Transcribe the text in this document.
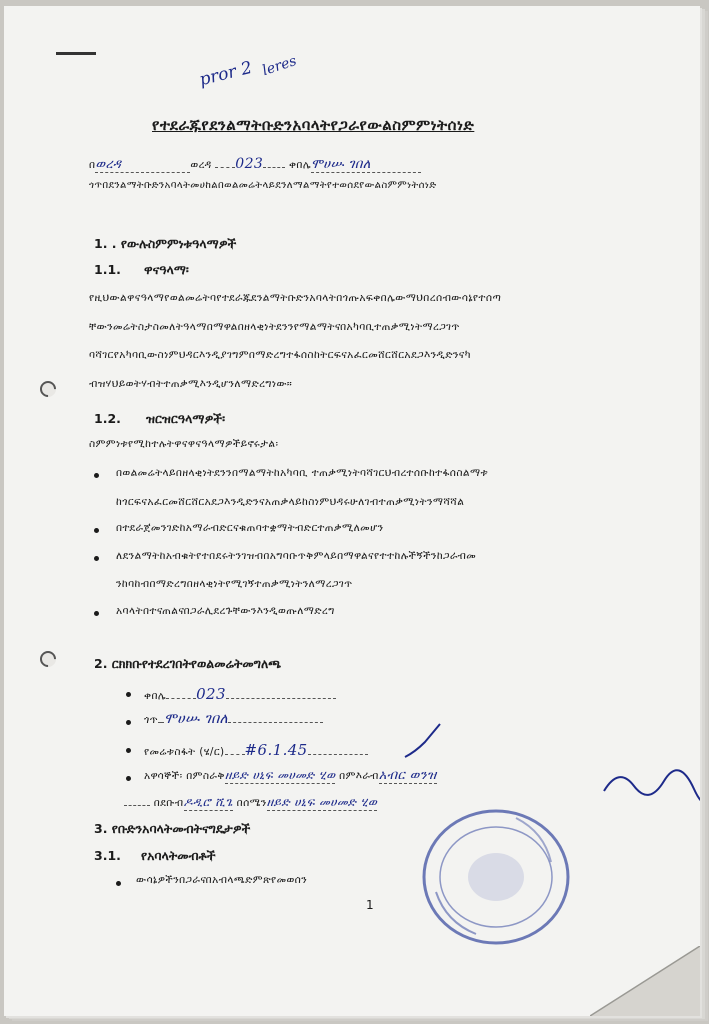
pror 2 leres
የተደራጁየደንልማትቡድንአባላትየጋራየውልስምምነትሰነድ
በወረዳ	ወረዳ 023 ቀበሌሞሀሡ ገበለ
ጎጥበደንልማትቡድንአባላትመሀከልበወልመሬትላይደንለማልማትየተወሰደየውልስምምነትሰነድ
1. . የውሉስምምነቱዓላማዎች
1.1. ዋናዓላማ፡
የዚህውልዋናዓላማየወልመሬትባየተደራጁደንልማትቡድንአባላትበጎጡአፍቀበሌውማህበረሰብውሳኔየተሰጣ
ቸውንመሬትስታስመለትዓላማበማዋልበዘላቂነትደንንየማልማትናበአካባቢተጠቃሚነትማረጋገጥ
ባሻገርየአካባቢውስነምህዳርእንዲያገግምበማድረግተፋሰስከትርፍናአፈርመሸርሸርአደጋእንዲድንናካ
ብዝሃህይወትሃብትተጠቃሚእንዲሆንለማድረግነው።
1.2. ዝርዝርዓላማዎች፡
ስምምነቱየሚከተሉትዋናዋናዓላማዎችይኖሩታል፡
በወልመሬትላይበዘላቂነትደንንበማልማትከአካባቢ ተጠቃሚነትባሻገርህብረተሰቡከተፋሰስልማቱ
ከጎርፍናአፈርመሸርሸርአደጋእንዲድንናአጠቃላይከስነምህዳሩሁለገብተጠቃሚነትንማሻሻል
በተደራጀመንገድከአማራብድርናቁጠባተቋማትብድርተጠቃሚለመሆን
ለደንልማትከአብቁትየተበደሩትንገዝብበአግባቡጥቅምላይበማዋልናየተተከሉችኝችንከጋራብመ
ንከባከብበማድረግበዘላቂነትየሚገኝተጠቃሚነትንለማረጋገጥ
አባላትበተናጠልናበጋራሊደረጉቸውንእንዲወጡለማድረግ
2. ርክክቡየተደረገበትየወልመሬትመግለጫ
ቀበሌ 023
ጎጥ ሞሀሡ ገበለ
የመሬቱስፋት (ሄ/ር) #6.1.45
አዋሳኞች፡ በምስራቅዘይድ ሀኒፍ መሀመድ ሂወ በምእራብአብር ወንዝ
በደቡብዶዲሮ ሺጌ በሰሜንዘይድ ሀኒፍ መሀመድ ሂወ
3. የቡድንአባላትመብትናግዴታዎች
3.1. የአባላትመብቶች
ውሳኔዎችንበጋራናበአብላጫድምጽየመወሰን
1
